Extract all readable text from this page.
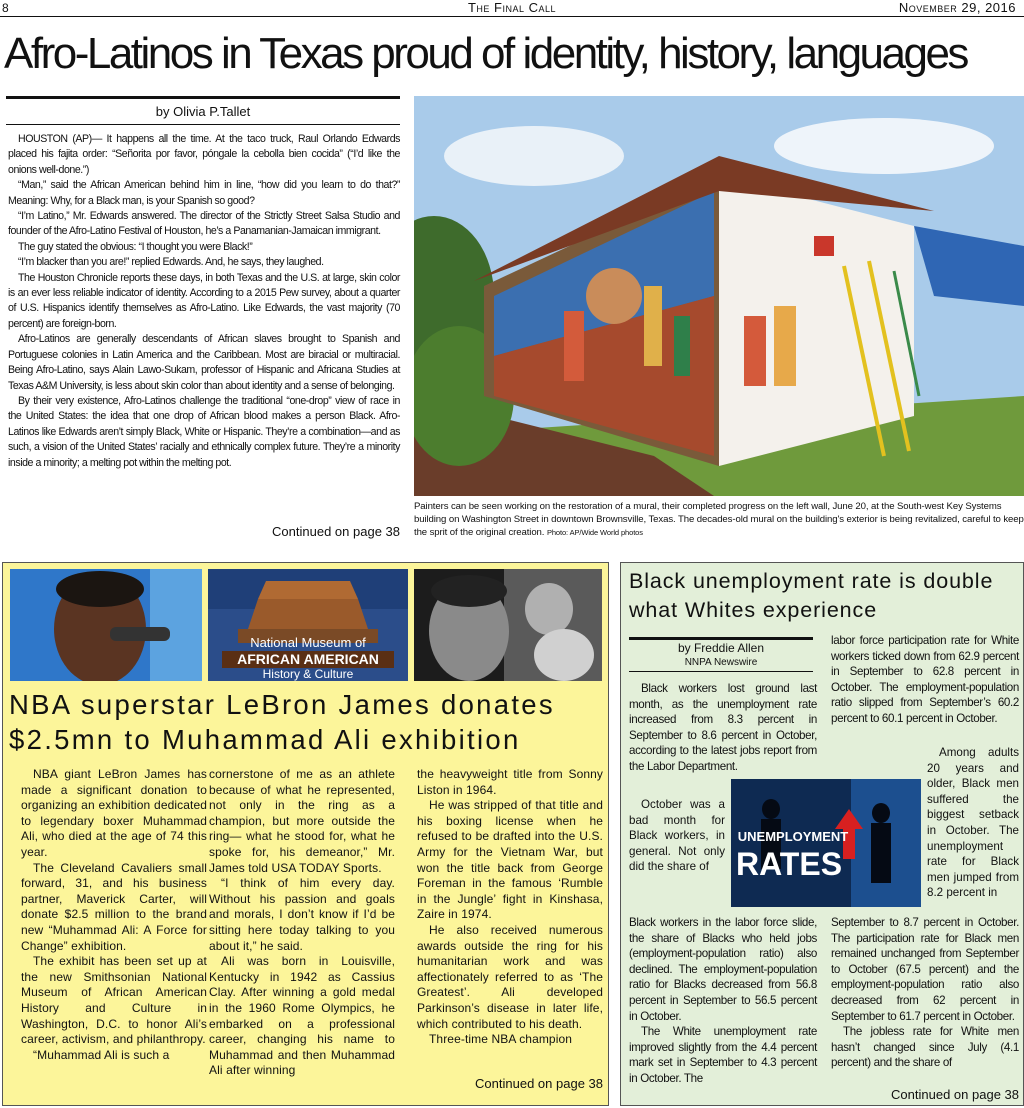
8	The Final Call	November 29, 2016
Afro-Latinos in Texas proud of identity, history, languages
by Olivia P.Tallet

HOUSTON (AP)— It happens all the time. At the taco truck, Raul Orlando Edwards placed his fajita order: “Señorita por favor, póngale la cebolla bien cocida” (“I’d like the onions well-done.”)

“Man,” said the African American behind him in line, “how did you learn to do that?” Meaning: Why, for a Black man, is your Spanish so good?

“I’m Latino,” Mr. Edwards answered. The director of the Strictly Street Salsa Studio and founder of the Afro-Latino Festival of Houston, he’s a Panamanian-Jamaican immigrant.

The guy stated the obvious: “I thought you were Black!”

“I’m blacker than you are!” replied Edwards. And, he says, they laughed.

The Houston Chronicle reports these days, in both Texas and the U.S. at large, skin color is an ever less reliable indicator of identity. According to a 2015 Pew survey, about a quarter of U.S. Hispanics identify themselves as Afro-Latino. Like Edwards, the vast majority (70 percent) are foreign-born.

Afro-Latinos are generally descendants of African slaves brought to Spanish and Portuguese colonies in Latin America and the Caribbean. Most are biracial or multiracial. Being Afro-Latino, says Alain Lawo-Sukam, professor of Hispanic and Africana Studies at Texas A&M University, is less about skin color than about identity and a sense of belonging.

By their very existence, Afro-Latinos challenge the traditional “one-drop” view of race in the United States: the idea that one drop of African blood makes a person Black. Afro-Latinos like Edwards aren’t simply Black, White or Hispanic. They’re a combination—and as such, a vision of the United States’ racially and ethnically complex future. They’re a minority inside a minority; a melting pot within the melting pot.

Continued on page 38
Painters can be seen working on the restoration of a mural, their completed progress on the left wall, June 20, at the South-west Key Systems building on Washington Street in downtown Brownsville, Texas. The decades-old mural on the building's exterior is being revitalized, careful to keep the sprit of the original creation. Photo: AP/Wide World photos
National Museum of
AFRICAN AMERICAN
History & Culture
NBA superstar LeBron James donates
$2.5mn to Muhammad Ali exhibition

NBA giant LeBron James has made a significant donation to organizing an exhibition dedicated to legendary boxer Muhammad Ali, who died at the age of 74 this year.

The Cleveland Cavaliers small forward, 31, and his business partner, Maverick Carter, will donate $2.5 million to the brand new “Muhammad Ali: A Force for Change” exhibition.

The exhibit has been set up at the new Smithsonian National Museum of African American History and Culture in Washington, D.C. to honor Ali’s career, activism, and philanthropy.

“Muhammad Ali is such a

cornerstone of me as an athlete because of what he represented, not only in the ring as a champion, but more outside the ring— what he stood for, what he spoke for, his demeanor,” Mr. James told USA TODAY Sports.

“I think of him every day. Without his passion and goals and morals, I don’t know if I’d be sitting here today talking to you about it,” he said.

Ali was born in Louisville, Kentucky in 1942 as Cassius Clay. After winning a gold medal in the 1960 Rome Olympics, he embarked on a professional career, changing his name to Muhammad and then Muhammad Ali after winning

the heavyweight title from Sonny Liston in 1964.

He was stripped of that title and his boxing license when he refused to be drafted into the U.S. Army for the Vietnam War, but won the title back from George Foreman in the famous ‘Rumble in the Jungle’ fight in Kinshasa, Zaire in 1974.

He also received numerous awards outside the ring for his humanitarian work and was affectionately referred to as ‘The Greatest’. Ali developed Parkinson’s disease in later life, which contributed to his death.

Three-time NBA champion

Continued on page 38
Black unemployment rate is double what Whites experience
by Freddie Allen
NNPA Newswire

Black workers lost ground last month, as the unemployment rate increased from 8.3 percent in September to 8.6 percent in October, according to the latest jobs report from the Labor Department.

October was a bad month for Black workers, in general. Not only did the share of

Black workers in the labor force slide, the share of Blacks who held jobs (employment-population ratio) also declined. The employment-population ratio for Blacks decreased from 56.8 percent in September to 56.5 percent in October.

The White unemployment rate improved slightly from the 4.4 percent mark set in September to 4.3 percent in October. The

labor force participation rate for White workers ticked down from 62.9 percent in September to 62.8 percent in October. The employment-population ratio slipped from September’s 60.2 percent to 60.1 percent in October.

Among adults 20 years and older, Black men suffered the biggest setback in October. The unemployment rate for Black men jumped from 8.2 percent in

September to 8.7 percent in October. The participation rate for Black men remained unchanged from September to October (67.5 percent) and the employment-population ratio also decreased from 62 percent in September to 61.7 percent in October.

The jobless rate for White men hasn’t changed since July (4.1 percent) and the share of

UNEMPLOYMENT
RATES
Continued on page 38
